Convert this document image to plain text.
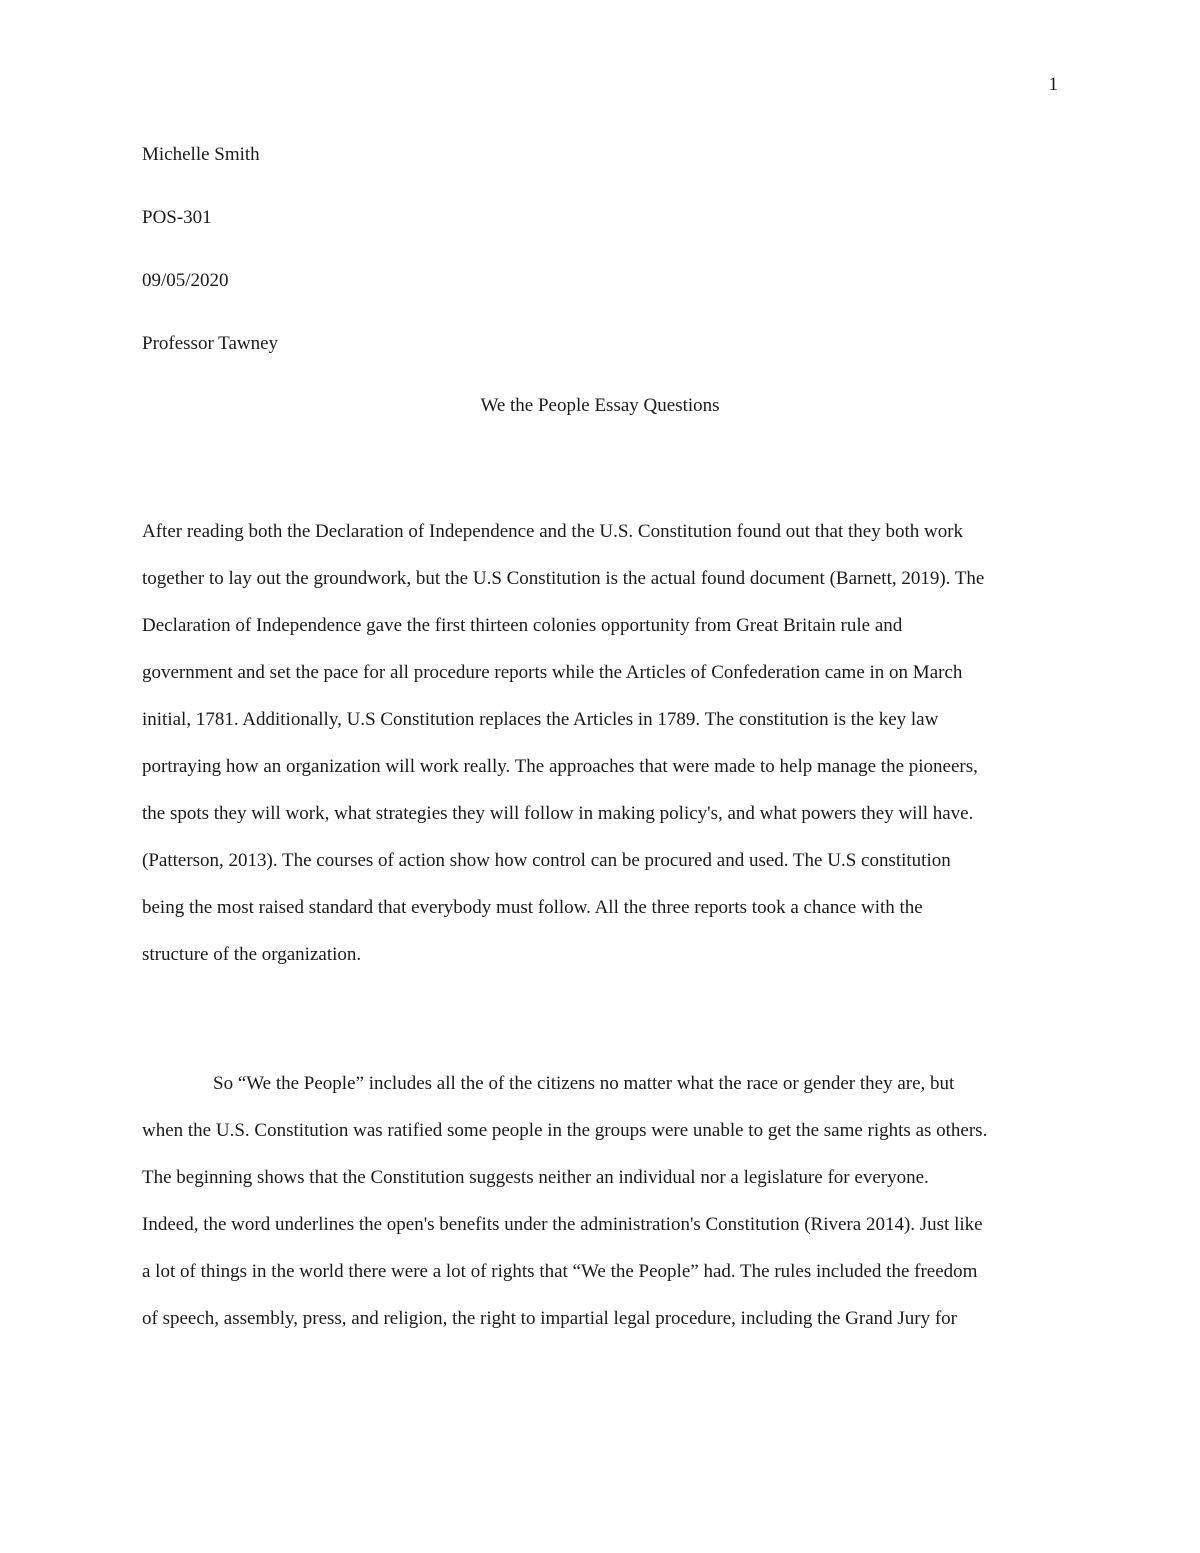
1
Michelle Smith
POS-301
09/05/2020
Professor Tawney
We the People Essay Questions
After reading both the Declaration of Independence and the U.S. Constitution found out that they both work
together to lay out the groundwork, but the U.S Constitution is the actual found document (Barnett, 2019). The
Declaration of Independence gave the first thirteen colonies opportunity from Great Britain rule and
government and set the pace for all procedure reports while the Articles of Confederation came in on March
initial, 1781. Additionally, U.S Constitution replaces the Articles in 1789. The constitution is the key law
portraying how an organization will work really. The approaches that were made to help manage the pioneers,
the spots they will work, what strategies they will follow in making policy's, and what powers they will have.
(Patterson, 2013). The courses of action show how control can be procured and used. The U.S constitution
being the most raised standard that everybody must follow. All the three reports took a chance with the
structure of the organization.
So “We the People” includes all the of the citizens no matter what the race or gender they are, but
when the U.S. Constitution was ratified some people in the groups were unable to get the same rights as others.
The beginning shows that the Constitution suggests neither an individual nor a legislature for everyone.
Indeed, the word underlines the open's benefits under the administration's Constitution (Rivera 2014). Just like
a lot of things in the world there were a lot of rights that “We the People” had. The rules included the freedom
of speech, assembly, press, and religion, the right to impartial legal procedure, including the Grand Jury for
